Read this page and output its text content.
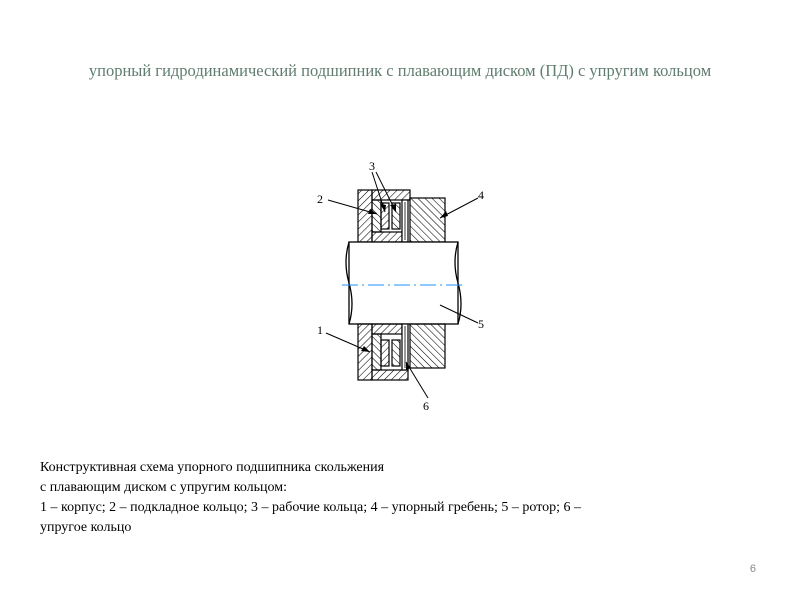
упорный гидродинамический подшипник с плавающим диском (ПД) с упругим кольцом
3
2	4
5
1
6

Конструктивная схема упорного подшипника скольжения

с плавающим диском с упругим кольцом:

1 – корпус; 2 – подкладное кольцо; 3 – рабочие кольца; 4 – упорный гребень; 5 – ротор; 6 –

упругое кольцо

6
